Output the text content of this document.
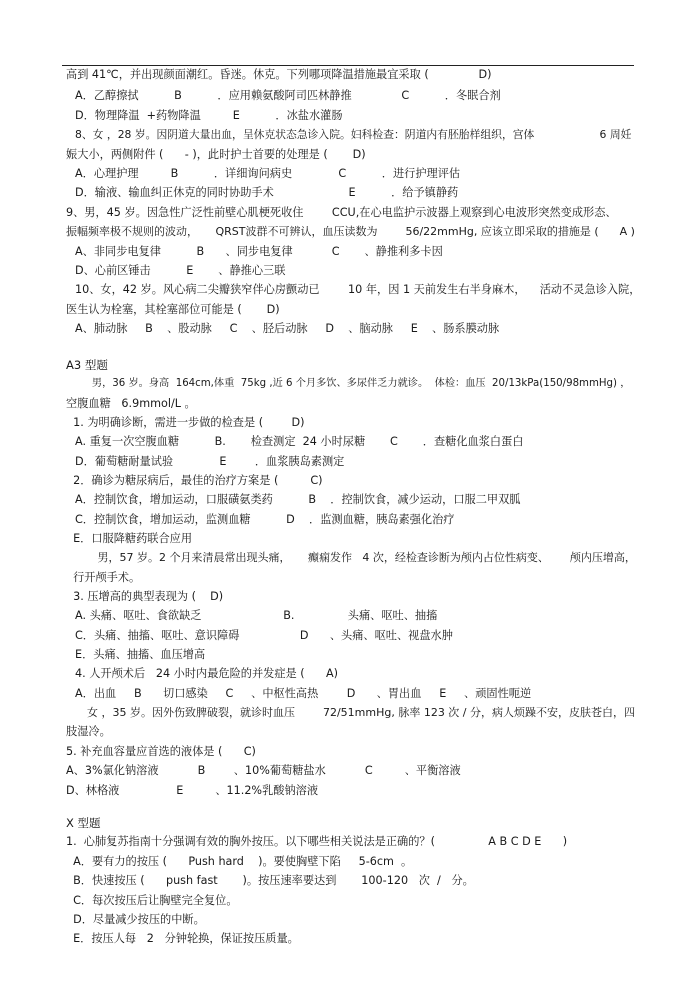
高到 41℃，并出现颜面潮红。昏迷。休克。下列哪项降温措施最宜采取 (              D)
A．乙醇擦拭          B          ．应用赖氨酸阿司匹林静推              C          ．冬眠合剂
D．物理降温  +药物降温         E          ．冰盐水灌肠
8、女 ，28 岁。因阴道大量出血，呈休克状态急诊入院。妇科检查：阴道内有胚胎样组织，宫体                   6 周妊
娠大小，两侧附件 (      - )，此时护士首要的处理是 (       D)
A．心理护理         B          ．详细询问病史             C          ．进行护理评估
D．输液、输血纠正休克的同时协助手术                     E          ．给予镇静药
9、男，45 岁。因急性广泛性前壁心肌梗死收住        CCU,在心电监护示波器上观察到心电波形突然变成形态、
振幅频率极不规则的波动，     QRST波群不可辨认，血压读数为        56/22mmHg, 应该立即采取的措施是 (      A )
A、非同步电复律          B      、同步电复律           C       、静推利多卡因
D、心前区锤击          E       、静推心三联
10、女，42 岁。风心病二尖瓣狭窄伴心房颤动已        10 年，因 1 天前发生右半身麻木，    活动不灵急诊入院，
医生认为栓塞，其栓塞部位可能是 (       D)
A、肺动脉     B    、股动脉     C    、胫后动脉     D    、脑动脉     E    、肠系膜动脉
A3 型题
男，36 岁。身高  164cm,体重  75kg ,近 6 个月多饮、多尿伴乏力就诊。  体检：血压  20/13kPa(150/98mmHg) ，
空腹血糖   6.9mmol/L 。
1. 为明确诊断，需进一步做的检查是 (        D)
A. 重复一次空腹血糖          B.       检查测定  24 小时尿糖       C       ．查糖化血浆白蛋白
D．葡萄糖耐量试验             E        ．血浆胰岛素测定
2．确诊为糖尿病后，最佳的治疗方案是 (         C)
A．控制饮食，增加运动，口服磺氨类药          B    ．控制饮食，减少运动，口服二甲双胍
C．控制饮食，增加运动，监测血糖          D    ．监测血糖，胰岛素强化治疗
E．口服降糖药联合应用
男，57 岁。2 个月来清晨常出现头痛，     癫痫发作   4 次，经检查诊断为颅内占位性病变、      颅内压增高，
行开颅手术。
3. 压增高的典型表现为 (    D)
A. 头痛、呕吐、食欲缺乏                       B.               头痛、呕吐、抽搐
C．头痛、抽搐、呕吐、意识障碍                 D      、头痛、呕吐、视盘水肿
E．头痛、抽搐、血压增高
4. 人开颅术后   24 小时内最危险的并发症是 (      A)
A．出血     B      切口感染     C     、中枢性高热        D      、胃出血     E     、顽固性呃逆
女 ，35 岁。因外伤致脾破裂，就诊时血压        72/51mmHg, 脉率 123 次 / 分，病人烦躁不安，皮肤苍白，四
肢湿冷。
5. 补充血容量应首选的液体是 (      C)
A、3%氯化钠溶液           B        、10%葡萄糖盐水           C         、平衡溶液
D、林格液                E         、11.2%乳酸钠溶液
X 型题
1.  心肺复苏指南十分强调有效的胸外按压。以下哪些相关说法是正确的？(               A B C D E      )
A．要有力的按压 (      Push hard    )。要使胸壁下陷     5-6cm  。
B．快速按压 (      push fast       )。按压速率要达到       100-120   次  /   分。
C．每次按压后让胸壁完全复位。
D．尽量减少按压的中断。
E．按压人每   2   分钟轮换，保证按压质量。
